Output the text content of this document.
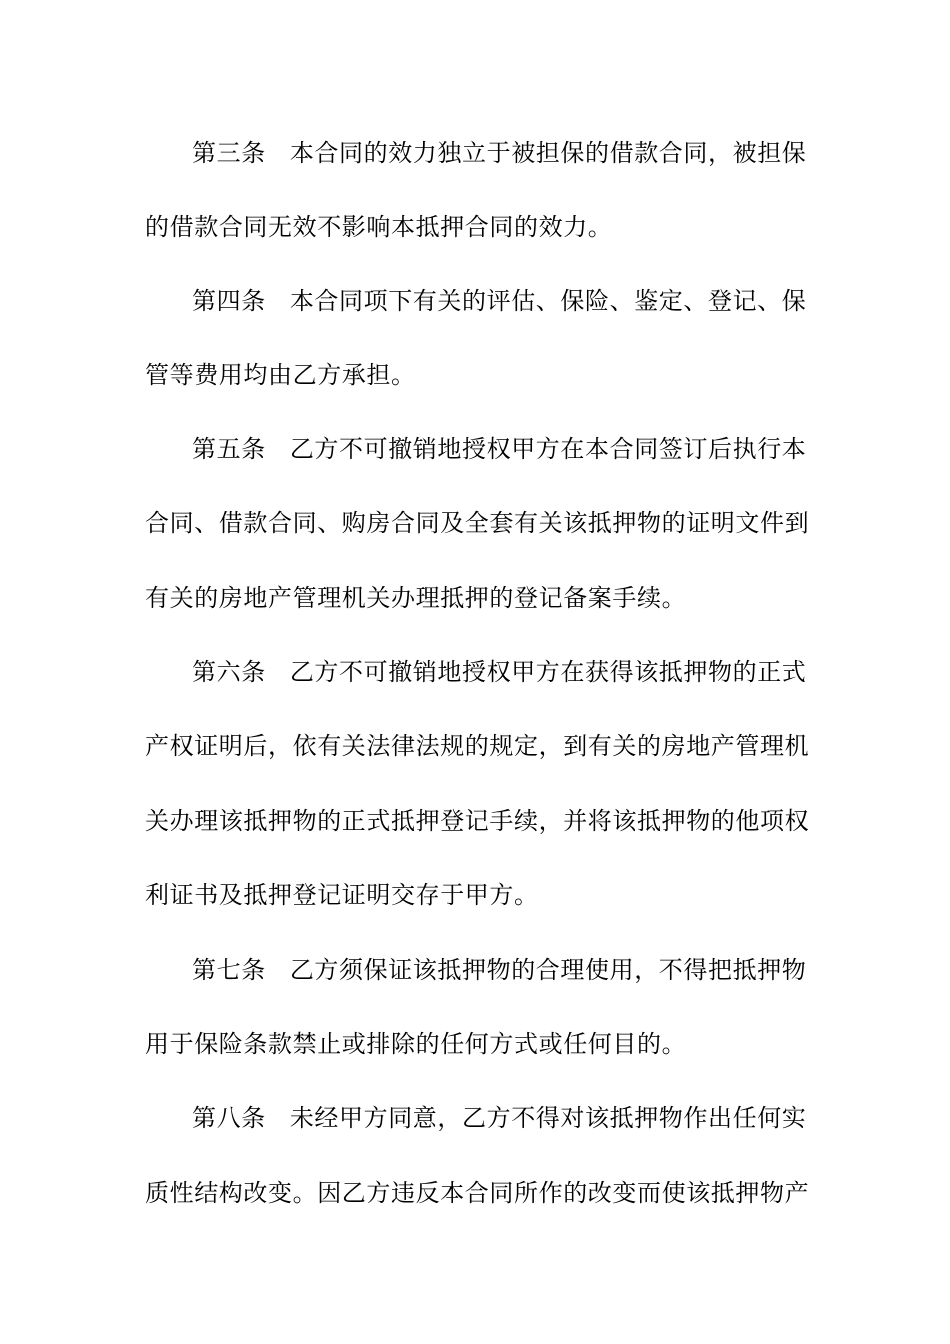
第三条 本合同的效力独立于被担保的借款合同，被担保
的借款合同无效不影响本抵押合同的效力。
第四条 本合同项下有关的评估、保险、鉴定、登记、保
管等费用均由乙方承担。
第五条 乙方不可撤销地授权甲方在本合同签订后执行本
合同、借款合同、购房合同及全套有关该抵押物的证明文件到
有关的房地产管理机关办理抵押的登记备案手续。
第六条 乙方不可撤销地授权甲方在获得该抵押物的正式
产权证明后，依有关法律法规的规定，到有关的房地产管理机
关办理该抵押物的正式抵押登记手续，并将该抵押物的他项权
利证书及抵押登记证明交存于甲方。
第七条 乙方须保证该抵押物的合理使用，不得把抵押物
用于保险条款禁止或排除的任何方式或任何目的。
第八条 未经甲方同意，乙方不得对该抵押物作出任何实
质性结构改变。因乙方违反本合同所作的改变而使该抵押物产
